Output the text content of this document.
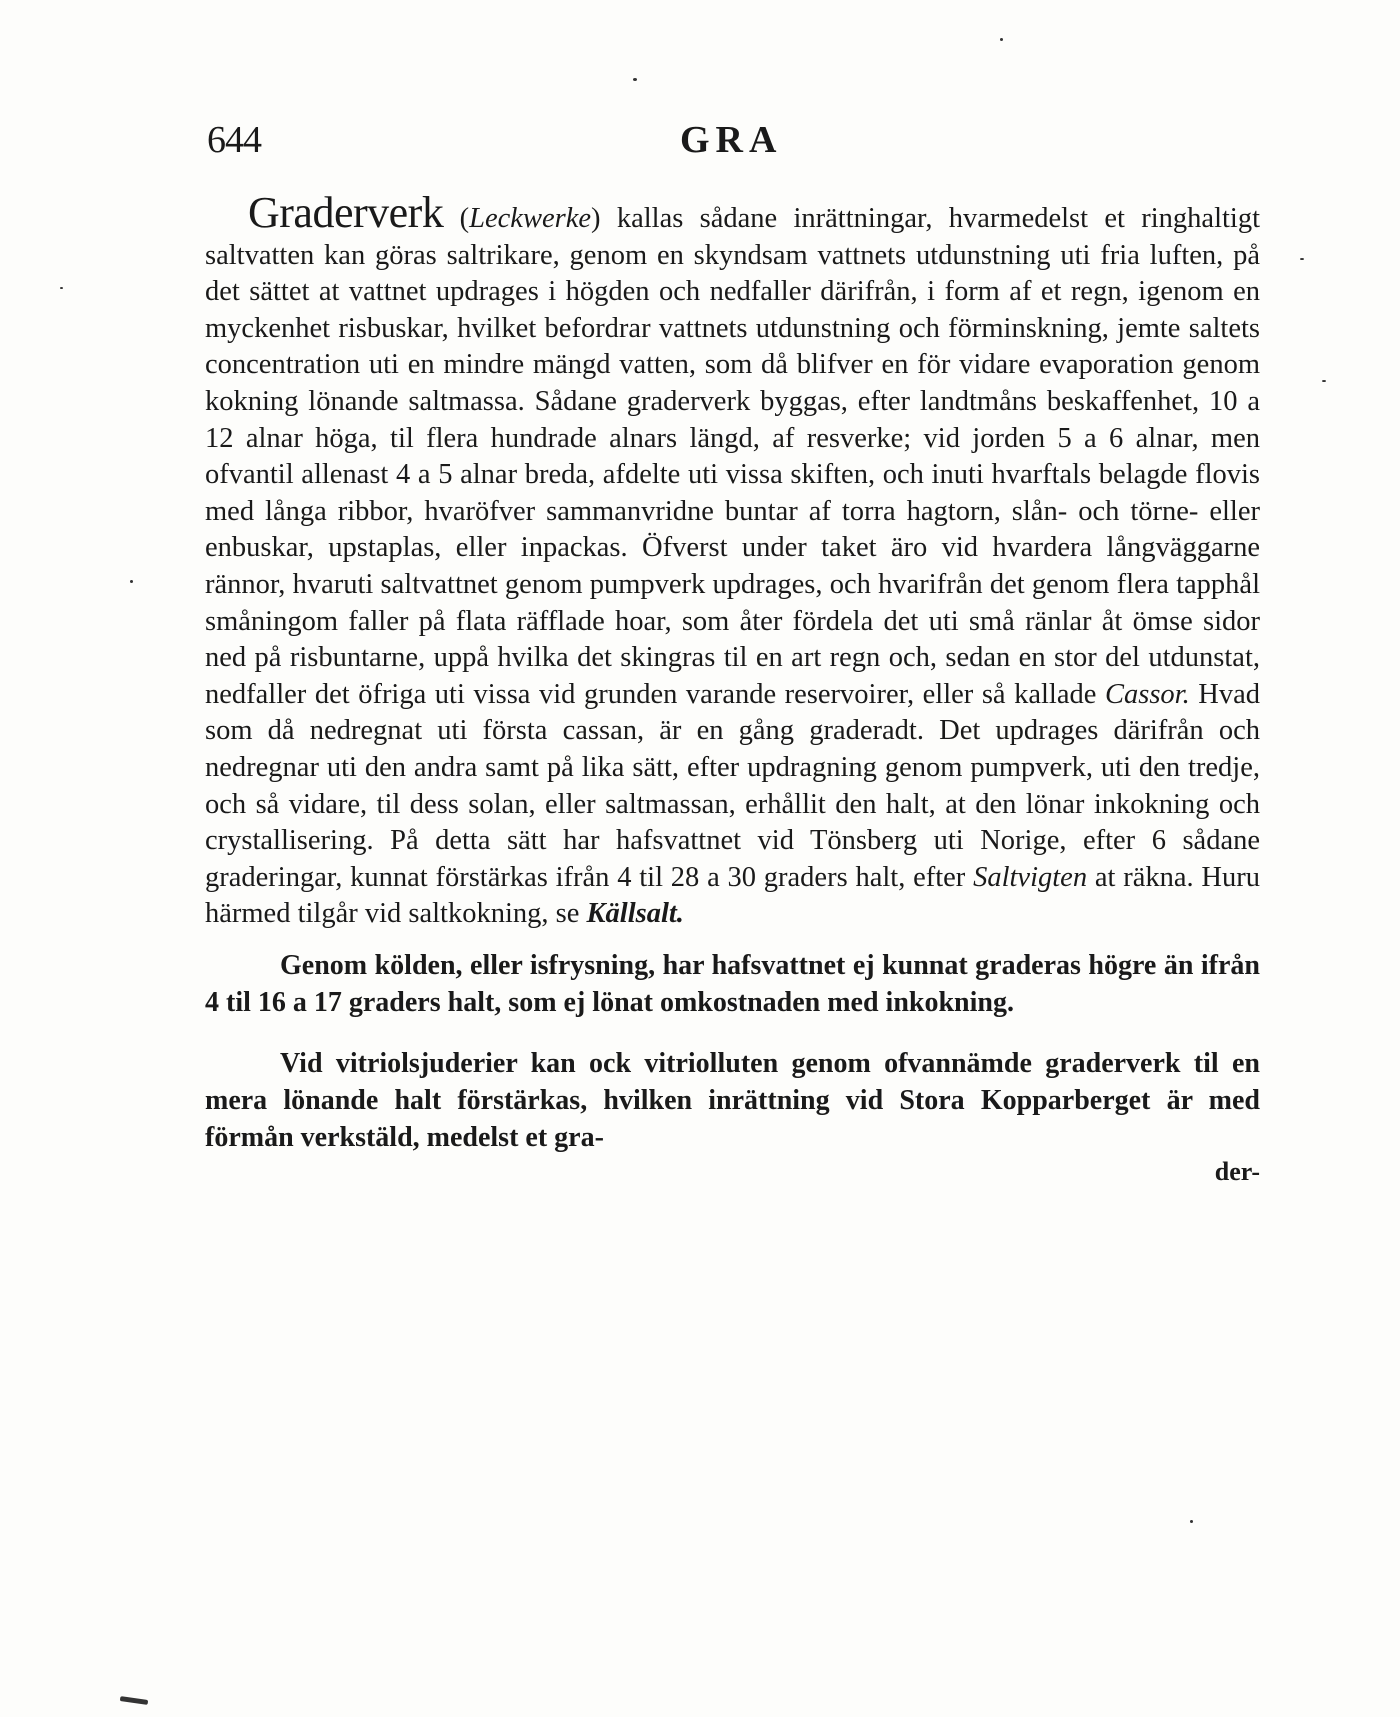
644	GRA

Graderverk (Leckwerke) kallas sådane inrättningar, hvarmedelst et ringhaltigt saltvatten kan göras saltrikare, genom en skyndsam vattnets utdunstning uti fria luften, på det sättet at vattnet updrages i högden och nedfaller därifrån, i form af et regn, igenom en myckenhet risbuskar, hvilket befordrar vattnets utdunstning och förminskning, jemte saltets concentration uti en mindre mängd vatten, som då blifver en för vidare evaporation genom kokning lönande saltmassa. Sådane graderverk byggas, efter landtmåns beskaffenhet, 10 a 12 alnar höga, til flera hundrade alnars längd, af resverke; vid jorden 5 a 6 alnar, men ofvantil allenast 4 a 5 alnar breda, afdelte uti vissa skiften, och inuti hvarftals belagde flovis med långa ribbor, hvaröfver sammanvridne buntar af torra hagtorn, slån- och törne- eller enbuskar, upstaplas, eller inpackas. Öfverst under taket äro vid hvardera långväggarne rännor, hvaruti saltvattnet genom pumpverk updrages, och hvarifrån det genom flera tapphål småningom faller på flata räfflade hoar, som åter fördela det uti små ränlar åt ömse sidor ned på risbuntarne, uppå hvilka det skingras til en art regn och, sedan en stor del utdunstat, nedfaller det öfriga uti vissa vid grunden varande reservoirer, eller så kallade Cassor. Hvad som då nedregnat uti första cassan, är en gång graderadt. Det updrages därifrån och nedregnar uti den andra samt på lika sätt, efter updragning genom pumpverk, uti den tredje, och så vidare, til dess solan, eller saltmassan, erhållit den halt, at den lönar inkokning och crystallisering. På detta sätt har hafsvattnet vid Tönsberg uti Norige, efter 6 sådane graderingar, kunnat förstärkas ifrån 4 til 28 a 30 graders halt, efter Saltvigten at räkna. Huru härmed tilgår vid saltkokning, se Källsalt.

Genom kölden, eller isfrysning, har hafsvattnet ej kunnat graderas högre än ifrån 4 til 16 a 17 graders halt, som ej lönat omkostnaden med inkokning.

Vid vitriolsjuderier kan ock vitriolluten genom ofvannämde graderverk til en mera lönande halt förstärkas, hvilken inrättning vid Stora Kopparberget är med förmån verkstäld, medelst et gra-

der-
